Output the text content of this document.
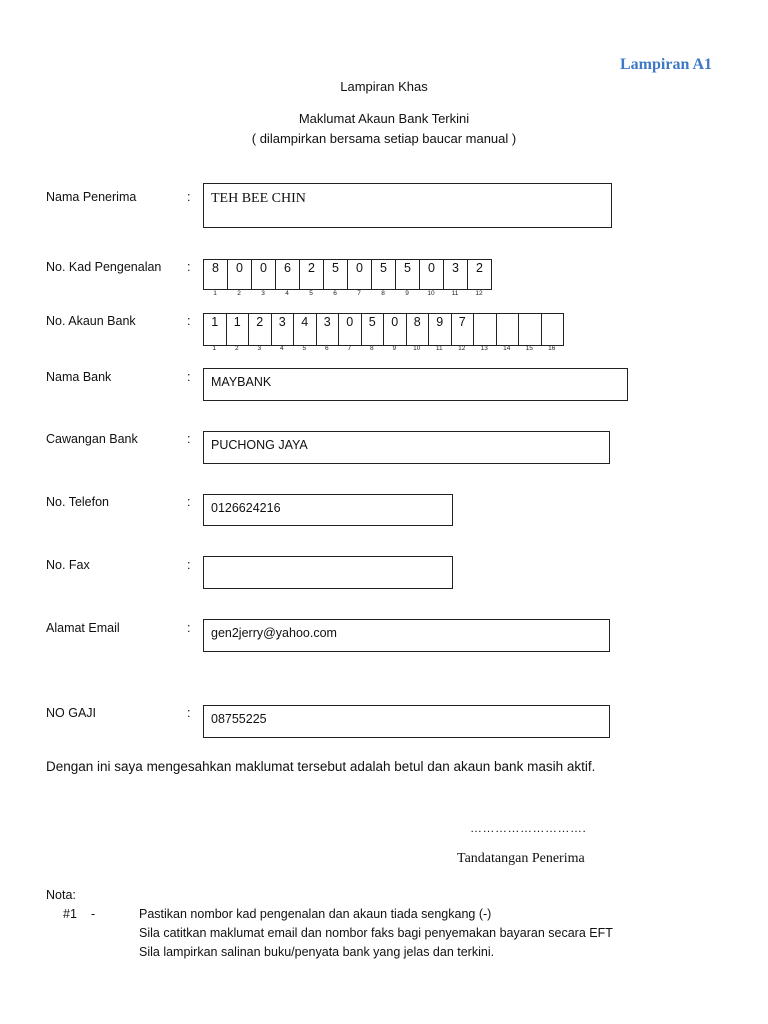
Lampiran A1
Lampiran Khas
Maklumat Akaun Bank Terkini
( dilampirkan bersama setiap baucar manual )
Nama Penerima	:	TEH BEE CHIN
No. Kad Pengenalan :	8	0	0	6	2	5	0	5	5	0	3	2
1	2	3	4	5	6	7	8	9	10	11	12
No. Akaun Bank	:	1	1	2	3	4	3	0	5	0	8	9	7
1	2	3	4	5	6	7	8	9	10	11	12	13	14	15	16
Nama Bank	:	MAYBANK
Cawangan Bank	:	PUCHONG JAYA
No. Telefon	:	0126624216
No. Fax	:
Alamat Email	:	gen2jerry@yahoo.com
NO GAJI	:	08755225
Dengan ini saya mengesahkan maklumat tersebut adalah betul dan akaun bank masih aktif.
……………………….
Tandatangan Penerima
Nota:
#1 -	Pastikan nombor kad pengenalan dan akaun tiada sengkang (-)
Sila catitkan maklumat email dan nombor faks bagi penyemakan bayaran secara EFT
Sila lampirkan salinan buku/penyata bank yang jelas dan terkini.
